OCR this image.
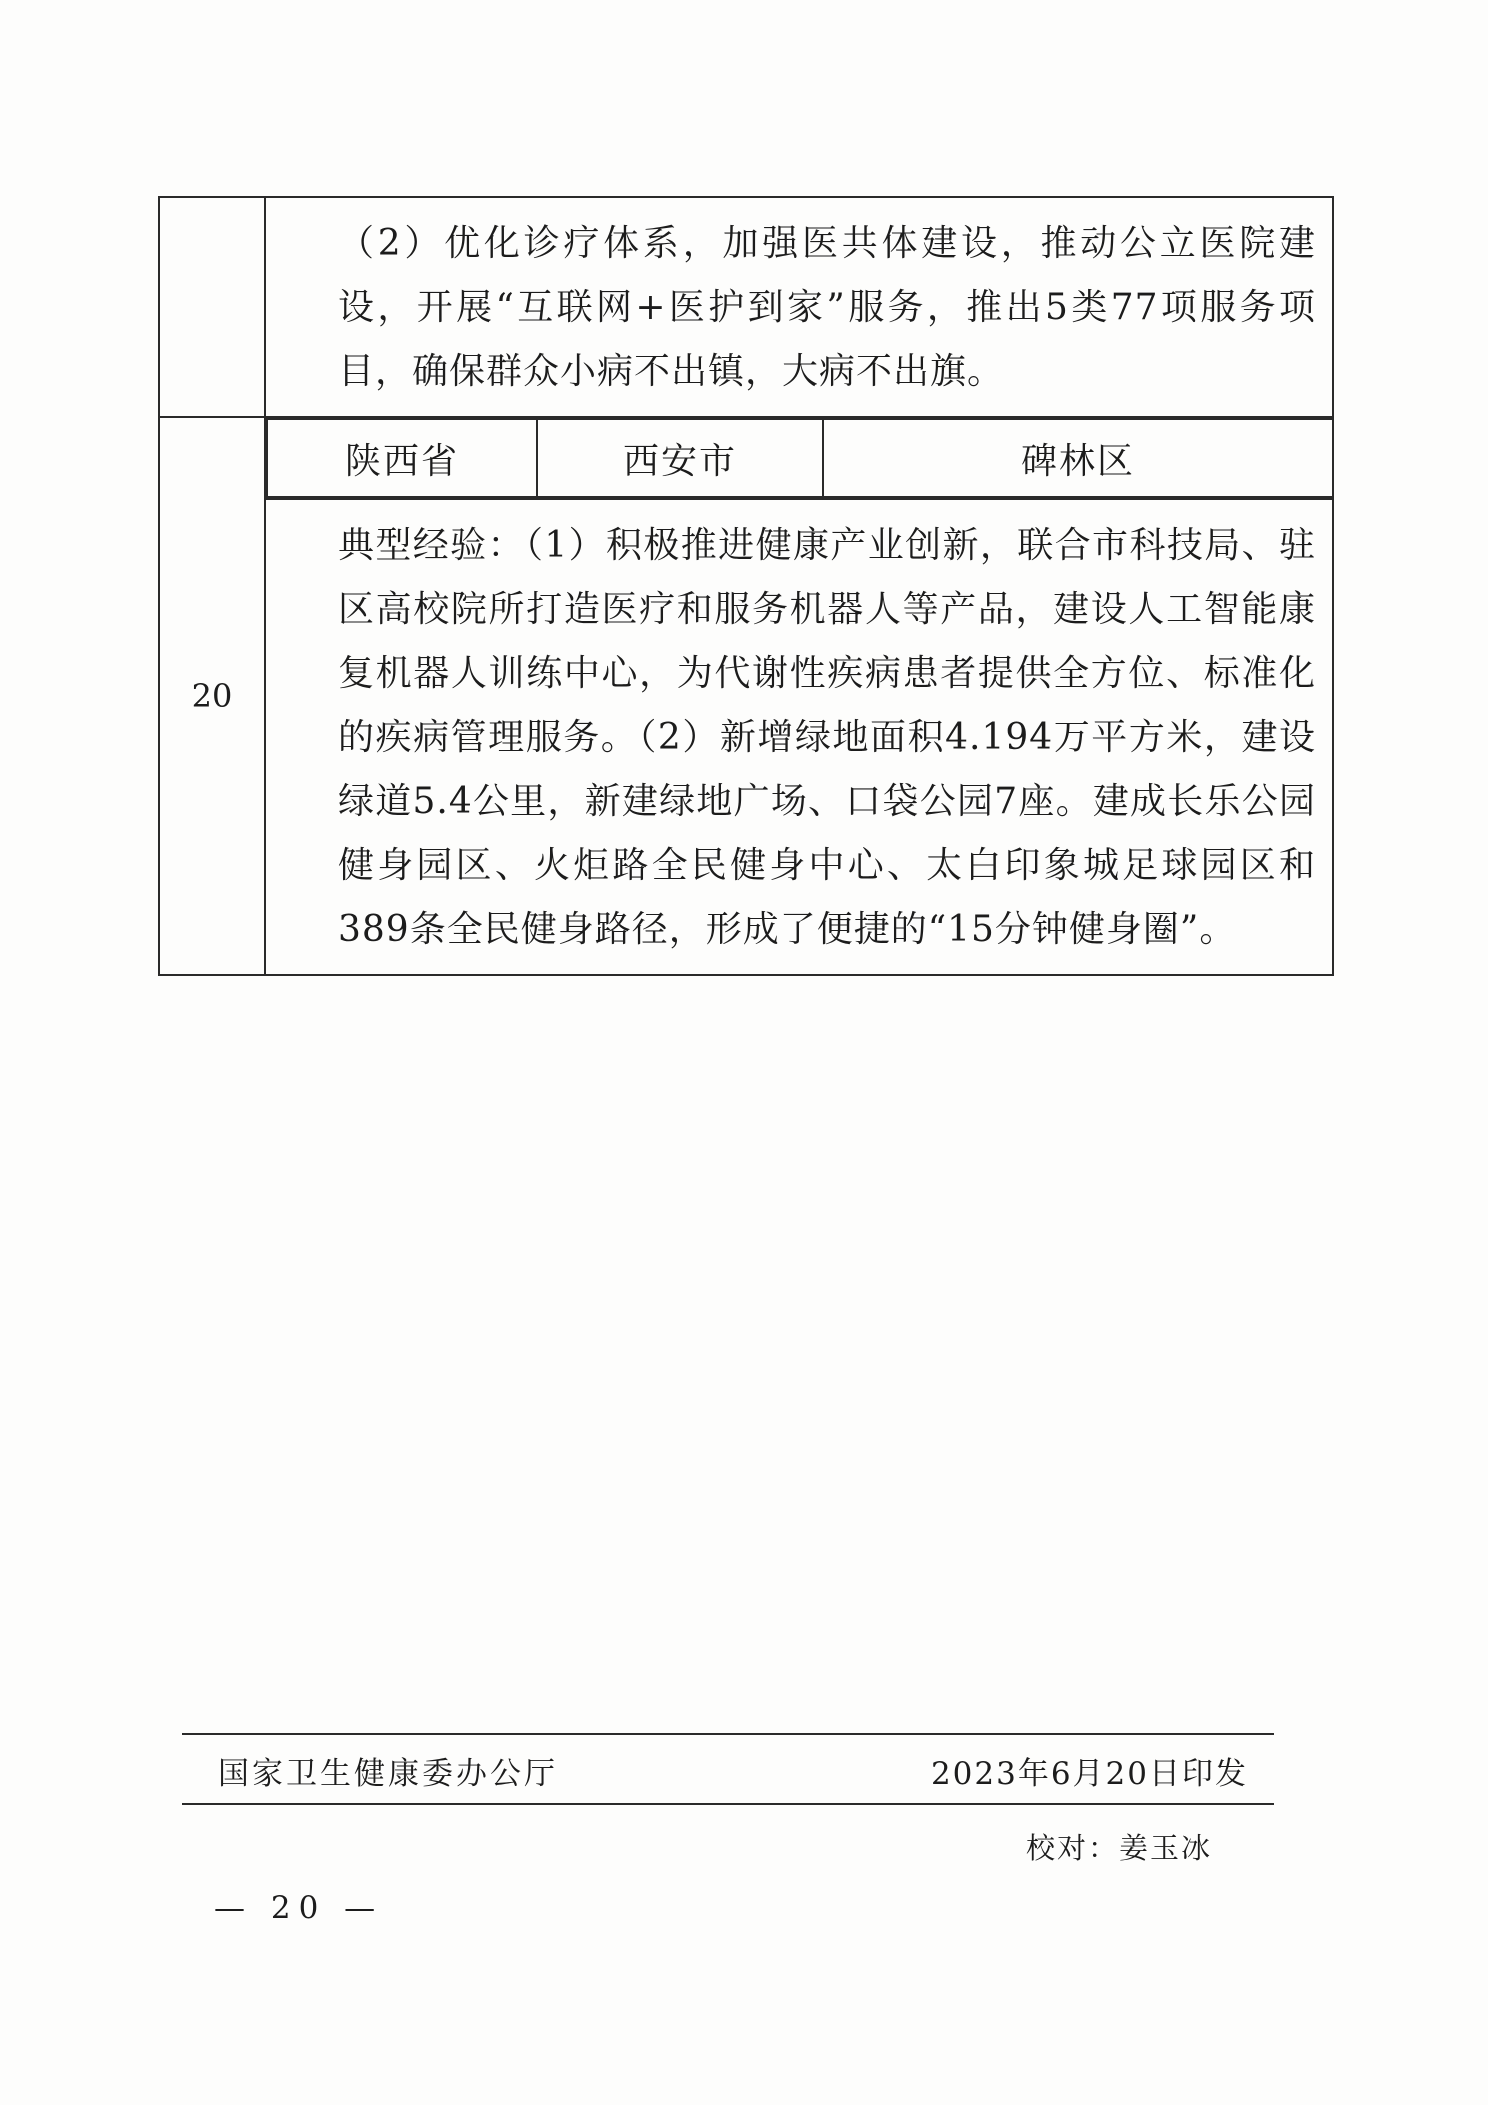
（2）优化诊疗体系，加强医共体建设，推动公立医院建设，开展“互联网+医护到家”服务，推出5类77项服务项目，确保群众小病不出镇，大病不出旗。

20	
陕西省	西安市	碑林区

典型经验：（1）积极推进健康产业创新，联合市科技局、驻区高校院所打造医疗和服务机器人等产品，建设人工智能康复机器人训练中心，为代谢性疾病患者提供全方位、标准化的疾病管理服务。（2）新增绿地面积4.194万平方米，建设绿道5.4公里，新建绿地广场、口袋公园7座。建成长乐公园健身园区、火炬路全民健身中心、太白印象城足球园区和389条全民健身路径，形成了便捷的“15分钟健身圈”。
国家卫生健康委办公厅	2023年6月20日印发
校对：姜玉冰
— 20 —
